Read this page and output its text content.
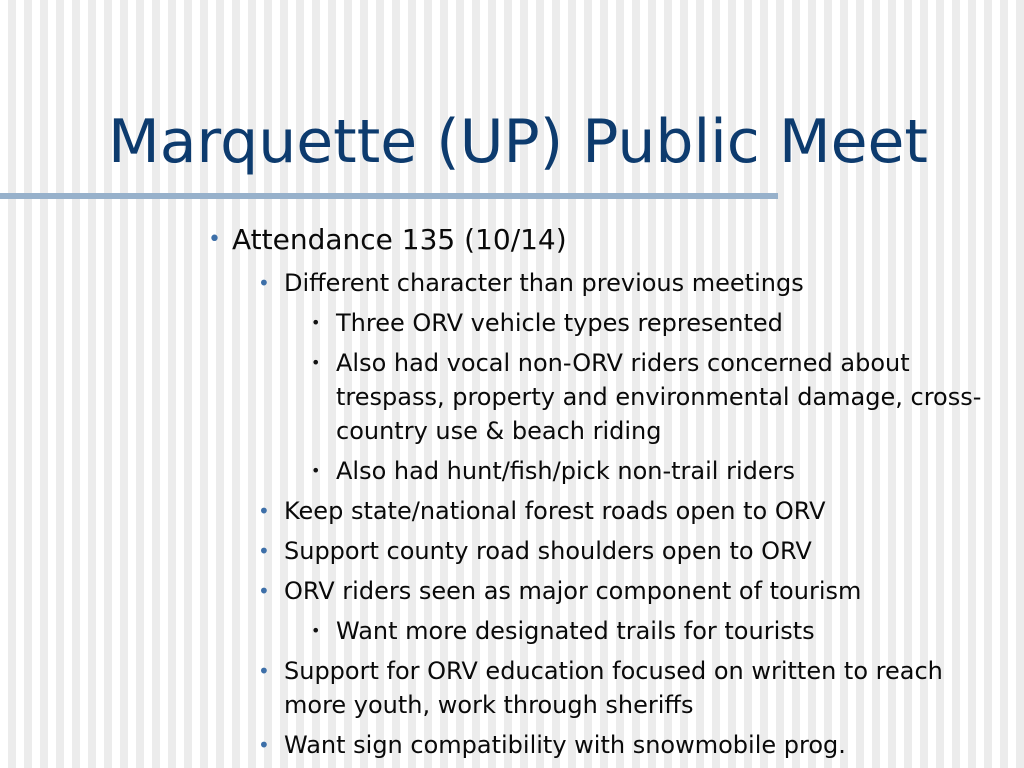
Marquette (UP) Public Meet
• Attendance 135 (10/14)
• Different character than previous meetings
• Three ORV vehicle types represented
• Also had vocal non-ORV riders concerned about trespass, property and environmental damage, cross-country use & beach riding
• Also had hunt/fish/pick non-trail riders
• Keep state/national forest roads open to ORV
• Support county road shoulders open to ORV
• ORV riders seen as major component of tourism
• Want more designated trails for tourists
• Support for ORV education focused on written to reach more youth, work through sheriffs
• Want sign compatibility with snowmobile prog.
